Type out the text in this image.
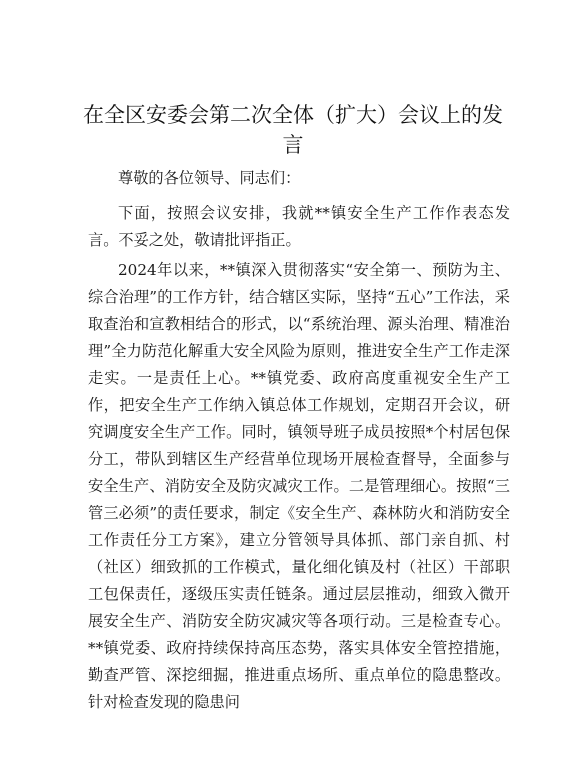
在全区安委会第二次全体（扩大）会议上的发言

尊敬的各位领导、同志们：

下面，按照会议安排，我就**镇安全生产工作作表态发言。不妥之处，敬请批评指正。

2024年以来，**镇深入贯彻落实“安全第一、预防为主、综合治理”的工作方针，结合辖区实际，坚持“五心”工作法，采取查治和宣教相结合的形式，以“系统治理、源头治理、精准治理”全力防范化解重大安全风险为原则，推进安全生产工作走深走实。一是责任上心。**镇党委、政府高度重视安全生产工作，把安全生产工作纳入镇总体工作规划，定期召开会议，研究调度安全生产工作。同时，镇领导班子成员按照*个村居包保分工，带队到辖区生产经营单位现场开展检查督导，全面参与安全生产、消防安全及防灾减灾工作。二是管理细心。按照“三管三必须”的责任要求，制定《安全生产、森林防火和消防安全工作责任分工方案》，建立分管领导具体抓、部门亲自抓、村（社区）细致抓的工作模式，量化细化镇及村（社区）干部职工包保责任，逐级压实责任链条。通过层层推动，细致入微开展安全生产、消防安全防灾减灾等各项行动。三是检查专心。**镇党委、政府持续保持高压态势，落实具体安全管控措施，勤查严管、深挖细掘，推进重点场所、重点单位的隐患整改。针对检查发现的隐患问
